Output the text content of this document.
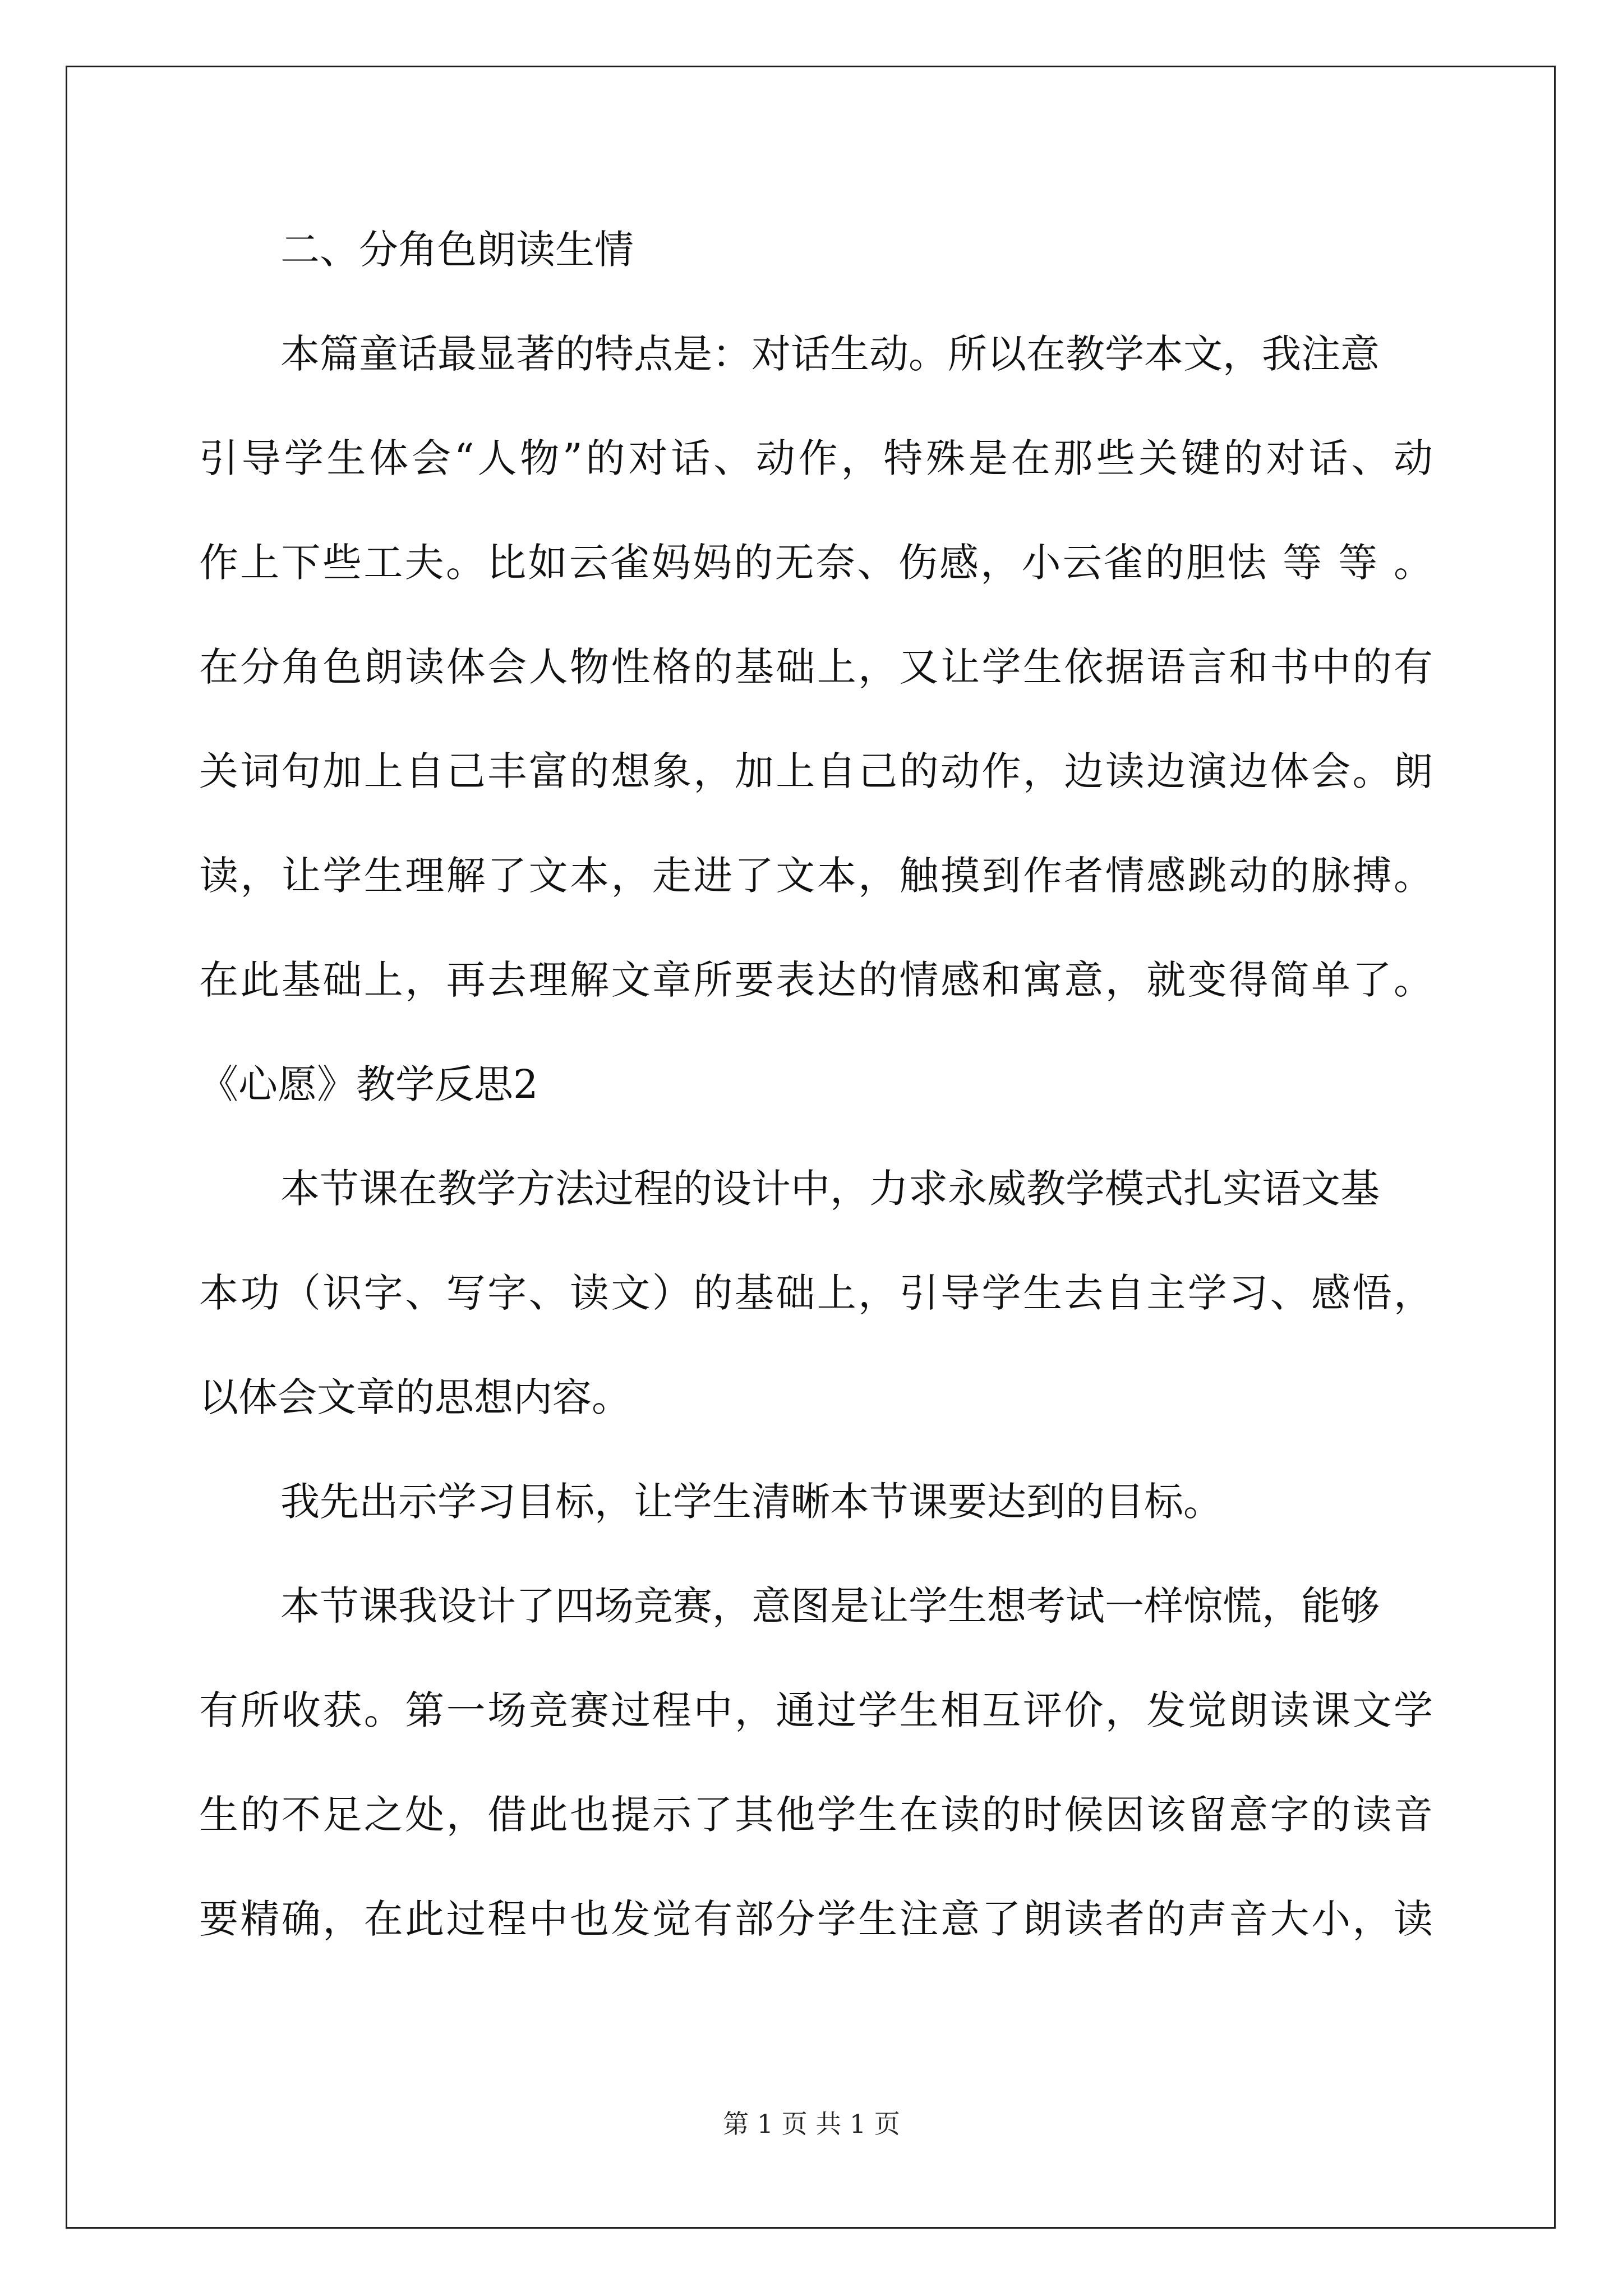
二、分角色朗读生情
本篇童话最显著的特点是：对话生动。所以在教学本文，我注意
引导学生体会“人物”的对话、动作，特殊是在那些关键的对话、动
作上下些工夫。比如云雀妈妈的无奈、伤感，小云雀的胆怯 等 等 。
在分角色朗读体会人物性格的基础上，又让学生依据语言和书中的有
关词句加上自己丰富的想象，加上自己的动作，边读边演边体会。朗
读，让学生理解了文本，走进了文本，触摸到作者情感跳动的脉搏。
在此基础上，再去理解文章所要表达的情感和寓意，就变得简单了。
《心愿》教学反思2
本节课在教学方法过程的设计中，力求永威教学模式扎实语文基
本功（识字、写字、读文）的基础上，引导学生去自主学习、感悟，
以体会文章的思想内容。
我先出示学习目标，让学生清晰本节课要达到的目标。
本节课我设计了四场竞赛，意图是让学生想考试一样惊慌，能够
有所收获。第一场竞赛过程中，通过学生相互评价，发觉朗读课文学
生的不足之处，借此也提示了其他学生在读的时候因该留意字的读音
要精确，在此过程中也发觉有部分学生注意了朗读者的声音大小，读
第 1 页 共 1 页
